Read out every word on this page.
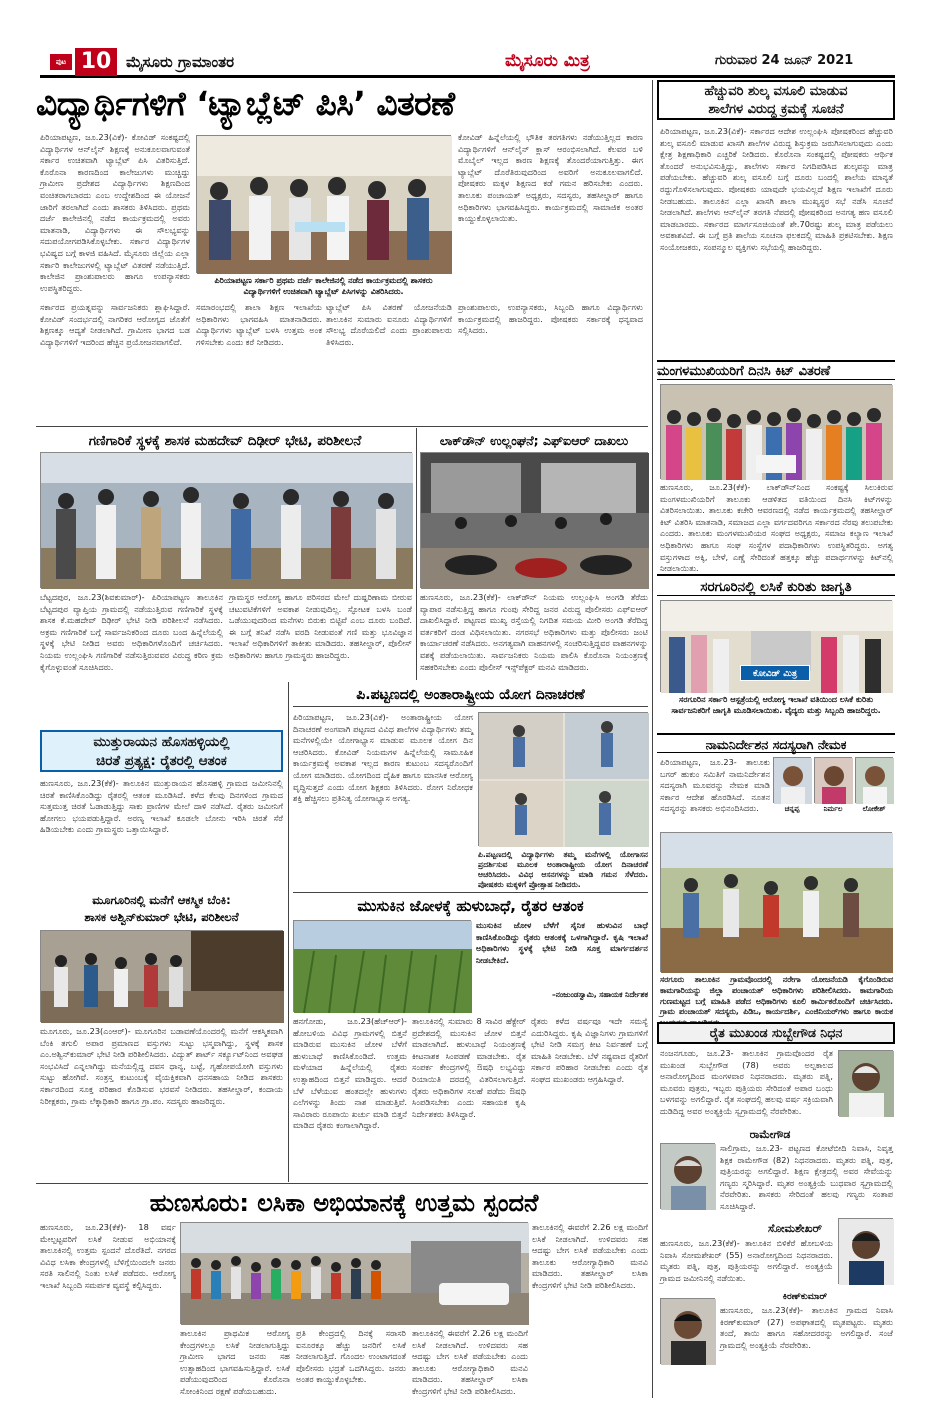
ಪುಟ 10 ಮೈಸೂರು ಗ್ರಾಮಾಂತರ	ಮೈಸೂರು ಮಿತ್ರ	ಗುರುವಾರ 24 ಜೂನ್ 2021
ವಿದ್ಯಾರ್ಥಿಗಳಿಗೆ ‘ಟ್ಯಾಬ್ಲೆಟ್ ಪಿಸಿ’ ವಿತರಣೆ
ಪಿರಿಯಾಪಟ್ಟಣ, ಜೂ.23(ವಿಕೆ)- ಕೋವಿಡ್ ಸಂಕಷ್ಟದಲ್ಲಿ ವಿದ್ಯಾರ್ಥಿಗಳ ಆನ್‌ಲೈನ್ ಶಿಕ್ಷಣಕ್ಕೆ ಅನುಕೂಲವಾಗುವಂತೆ ಸರ್ಕಾರ ಉಚಿತವಾಗಿ ಟ್ಯಾಬ್ಲೆಟ್ ಪಿಸಿ ವಿತರಿಸುತ್ತಿದೆ. ಕೊರೊನಾ ಕಾರಣದಿಂದ ಕಾಲೇಜುಗಳು ಮುಚ್ಚಿದ್ದು ಗ್ರಾಮೀಣ ಪ್ರದೇಶದ ವಿದ್ಯಾರ್ಥಿಗಳು ಶಿಕ್ಷಣದಿಂದ ವಂಚಿತರಾಗಬಾರದು ಎಂಬ ಉದ್ದೇಶದಿಂದ ಈ ಯೋಜನೆ ಜಾರಿಗೆ ತರಲಾಗಿದೆ ಎಂದು ಶಾಸಕರು ತಿಳಿಸಿದರು. ಪ್ರಥಮ ದರ್ಜೆ ಕಾಲೇಜಿನಲ್ಲಿ ನಡೆದ ಕಾರ್ಯಕ್ರಮದಲ್ಲಿ ಅವರು ಮಾತನಾಡಿ, ವಿದ್ಯಾರ್ಥಿಗಳು ಈ ಸೌಲಭ್ಯವನ್ನು ಸದುಪಯೋಗಪಡಿಸಿಕೊಳ್ಳಬೇಕು. ಸರ್ಕಾರ ವಿದ್ಯಾರ್ಥಿಗಳ ಭವಿಷ್ಯದ ಬಗ್ಗೆ ಕಾಳಜಿ ವಹಿಸಿದೆ. ಮೈಸೂರು ಜಿಲ್ಲೆಯ ಎಲ್ಲಾ ಸರ್ಕಾರಿ ಕಾಲೇಜುಗಳಲ್ಲಿ ಟ್ಯಾಬ್ಲೆಟ್ ವಿತರಣೆ ನಡೆಯುತ್ತಿದೆ. ಕಾಲೇಜಿನ ಪ್ರಾಂಶುಪಾಲರು ಹಾಗೂ ಉಪನ್ಯಾಸಕರು ಉಪಸ್ಥಿತರಿದ್ದರು.
ಪಿರಿಯಾಪಟ್ಟಣ ಸರ್ಕಾರಿ ಪ್ರಥಮ ದರ್ಜೆ ಕಾಲೇಜಿನಲ್ಲಿ ನಡೆದ ಕಾರ್ಯಕ್ರಮದಲ್ಲಿ ಶಾಸಕರು ವಿದ್ಯಾರ್ಥಿಗಳಿಗೆ ಉಚಿತವಾಗಿ ಟ್ಯಾಬ್ಲೆಟ್ ಪಿಸಿಗಳನ್ನು ವಿತರಿಸಿದರು.
ಕೋವಿಡ್ ಹಿನ್ನೆಲೆಯಲ್ಲಿ ಭೌತಿಕ ತರಗತಿಗಳು ನಡೆಯುತ್ತಿಲ್ಲದ ಕಾರಣ ವಿದ್ಯಾರ್ಥಿಗಳಿಗೆ ಆನ್‌ಲೈನ್ ಕ್ಲಾಸ್ ಆರಂಭಿಸಲಾಗಿದೆ. ಕೆಲವರ ಬಳಿ ಮೊಬೈಲ್ ಇಲ್ಲದ ಕಾರಣ ಶಿಕ್ಷಣಕ್ಕೆ ತೊಂದರೆಯಾಗುತ್ತಿತ್ತು. ಈಗ ಟ್ಯಾಬ್ಲೆಟ್ ದೊರೆತಿರುವುದರಿಂದ ಅವರಿಗೆ ಅನುಕೂಲವಾಗಲಿದೆ. ಪೋಷಕರು ಮಕ್ಕಳ ಶಿಕ್ಷಣದ ಕಡೆ ಗಮನ ಹರಿಸಬೇಕು ಎಂದರು. ತಾಲೂಕು ಪಂಚಾಯತ್ ಅಧ್ಯಕ್ಷರು, ಸದಸ್ಯರು, ತಹಸೀಲ್ದಾರ್ ಹಾಗೂ ಅಧಿಕಾರಿಗಳು ಭಾಗವಹಿಸಿದ್ದರು. ಕಾರ್ಯಕ್ರಮದಲ್ಲಿ ಸಾಮಾಜಿಕ ಅಂತರ ಕಾಯ್ದುಕೊಳ್ಳಲಾಯಿತು.
ಸರ್ಕಾರದ ಪ್ರಯತ್ನವನ್ನು ಸಾರ್ವಜನಿಕರು ಶ್ಲಾಘಿಸಿದ್ದಾರೆ. ಕೋವಿಡ್ ಸಂದರ್ಭದಲ್ಲಿ ನಾಗರಿಕರ ಆರೋಗ್ಯದ ಜೊತೆಗೆ ಶಿಕ್ಷಣಕ್ಕೂ ಆದ್ಯತೆ ನೀಡಲಾಗಿದೆ. ಗ್ರಾಮೀಣ ಭಾಗದ ಬಡ ವಿದ್ಯಾರ್ಥಿಗಳಿಗೆ ಇದರಿಂದ ಹೆಚ್ಚಿನ ಪ್ರಯೋಜನವಾಗಲಿದೆ.
ಸಮಾರಂಭದಲ್ಲಿ ಶಾಲಾ ಶಿಕ್ಷಣ ಇಲಾಖೆಯ ಅಧಿಕಾರಿಗಳು ಭಾಗವಹಿಸಿ ಮಾತನಾಡಿದರು. ವಿದ್ಯಾರ್ಥಿಗಳು ಟ್ಯಾಬ್ಲೆಟ್ ಬಳಸಿ ಉತ್ತಮ ಅಂಕ ಗಳಿಸಬೇಕು ಎಂದು ಕರೆ ನೀಡಿದರು.
ಟ್ಯಾಬ್ಲೆಟ್ ಪಿಸಿ ವಿತರಣೆ ಯೋಜನೆಯಡಿ ತಾಲೂಕಿನ ಸುಮಾರು ಐನೂರು ವಿದ್ಯಾರ್ಥಿಗಳಿಗೆ ಸೌಲಭ್ಯ ದೊರೆಯಲಿದೆ ಎಂದು ಪ್ರಾಂಶುಪಾಲರು ತಿಳಿಸಿದರು.
ಪ್ರಾಂಶುಪಾಲರು, ಉಪನ್ಯಾಸಕರು, ಸಿಬ್ಬಂದಿ ಹಾಗೂ ವಿದ್ಯಾರ್ಥಿಗಳು ಕಾರ್ಯಕ್ರಮದಲ್ಲಿ ಹಾಜರಿದ್ದರು. ಪೋಷಕರು ಸರ್ಕಾರಕ್ಕೆ ಧನ್ಯವಾದ ಸಲ್ಲಿಸಿದರು.
ಹೆಚ್ಚುವರಿ ಶುಲ್ಕ ವಸೂಲಿ ಮಾಡುವ
ಶಾಲೆಗಳ ವಿರುದ್ಧ ಕ್ರಮಕ್ಕೆ ಸೂಚನೆ
ಪಿರಿಯಾಪಟ್ಟಣ, ಜೂ.23(ವಿಕೆ)- ಸರ್ಕಾರದ ಆದೇಶ ಉಲ್ಲಂಘಿಸಿ ಪೋಷಕರಿಂದ ಹೆಚ್ಚುವರಿ ಶುಲ್ಕ ವಸೂಲಿ ಮಾಡುವ ಖಾಸಗಿ ಶಾಲೆಗಳ ವಿರುದ್ಧ ಶಿಸ್ತುಕ್ರಮ ಜರುಗಿಸಲಾಗುವುದು ಎಂದು ಕ್ಷೇತ್ರ ಶಿಕ್ಷಣಾಧಿಕಾರಿ ಎಚ್ಚರಿಕೆ ನೀಡಿದರು. ಕೊರೊನಾ ಸಂಕಷ್ಟದಲ್ಲಿ ಪೋಷಕರು ಆರ್ಥಿಕ ತೊಂದರೆ ಅನುಭವಿಸುತ್ತಿದ್ದು, ಶಾಲೆಗಳು ಸರ್ಕಾರ ನಿಗದಿಪಡಿಸಿದ ಶುಲ್ಕವನ್ನು ಮಾತ್ರ ಪಡೆಯಬೇಕು. ಹೆಚ್ಚುವರಿ ಶುಲ್ಕ ವಸೂಲಿ ಬಗ್ಗೆ ದೂರು ಬಂದಲ್ಲಿ ಶಾಲೆಯ ಮಾನ್ಯತೆ ರದ್ದುಗೊಳಿಸಲಾಗುವುದು. ಪೋಷಕರು ಯಾವುದೇ ಭಯವಿಲ್ಲದೆ ಶಿಕ್ಷಣ ಇಲಾಖೆಗೆ ದೂರು ನೀಡಬಹುದು. ತಾಲೂಕಿನ ಎಲ್ಲಾ ಖಾಸಗಿ ಶಾಲಾ ಮುಖ್ಯಸ್ಥರ ಸಭೆ ನಡೆಸಿ ಸೂಚನೆ ನೀಡಲಾಗಿದೆ. ಶಾಲೆಗಳು ಆನ್‌ಲೈನ್ ತರಗತಿ ನೆಪದಲ್ಲಿ ಪೋಷಕರಿಂದ ಅನಗತ್ಯ ಹಣ ವಸೂಲಿ ಮಾಡಬಾರದು. ಸರ್ಕಾರದ ಮಾರ್ಗಸೂಚಿಯಂತೆ ಶೇ.70ರಷ್ಟು ಶುಲ್ಕ ಮಾತ್ರ ಪಡೆಯಲು ಅವಕಾಶವಿದೆ. ಈ ಬಗ್ಗೆ ಪ್ರತಿ ಶಾಲೆಯ ಸೂಚನಾ ಫಲಕದಲ್ಲಿ ಮಾಹಿತಿ ಪ್ರಕಟಿಸಬೇಕು. ಶಿಕ್ಷಣ ಸಂಯೋಜಕರು, ಸಂಪನ್ಮೂಲ ವ್ಯಕ್ತಿಗಳು ಸಭೆಯಲ್ಲಿ ಹಾಜರಿದ್ದರು.
ಮಂಗಳಮುಖಿಯರಿಗೆ ದಿನಸಿ ಕಿಟ್ ವಿತರಣೆ
ಹುಣಸೂರು, ಜೂ.23(ಕೆಕೆ)- ಲಾಕ್‌ಡೌನ್‌ನಿಂದ ಸಂಕಷ್ಟಕ್ಕೆ ಸಿಲುಕಿರುವ ಮಂಗಳಮುಖಿಯರಿಗೆ ತಾಲೂಕು ಆಡಳಿತದ ವತಿಯಿಂದ ದಿನಸಿ ಕಿಟ್‌ಗಳನ್ನು ವಿತರಿಸಲಾಯಿತು. ತಾಲೂಕು ಕಚೇರಿ ಆವರಣದಲ್ಲಿ ನಡೆದ ಕಾರ್ಯಕ್ರಮದಲ್ಲಿ ತಹಸೀಲ್ದಾರ್ ಕಿಟ್ ವಿತರಿಸಿ ಮಾತನಾಡಿ, ಸಮಾಜದ ಎಲ್ಲಾ ವರ್ಗದವರಿಗೂ ಸರ್ಕಾರದ ನೆರವು ತಲುಪಬೇಕು ಎಂದರು. ತಾಲೂಕು ಮಂಗಳಮುಖಿಯರ ಸಂಘದ ಅಧ್ಯಕ್ಷರು, ಸಮಾಜ ಕಲ್ಯಾಣ ಇಲಾಖೆ ಅಧಿಕಾರಿಗಳು ಹಾಗೂ ಸಂಘ ಸಂಸ್ಥೆಗಳ ಪದಾಧಿಕಾರಿಗಳು ಉಪಸ್ಥಿತರಿದ್ದರು. ಅಗತ್ಯ ವಸ್ತುಗಳಾದ ಅಕ್ಕಿ, ಬೇಳೆ, ಎಣ್ಣೆ ಸೇರಿದಂತೆ ಹತ್ತಕ್ಕೂ ಹೆಚ್ಚು ಪದಾರ್ಥಗಳನ್ನು ಕಿಟ್‌ನಲ್ಲಿ ನೀಡಲಾಯಿತು.
ಸರಗೂರಿನಲ್ಲಿ ಲಸಿಕೆ ಕುರಿತು ಜಾಗೃತಿ
ಕೋವಿಡ್ ಮಿತ್ರ
ಸರಗೂರಿನ ಸರ್ಕಾರಿ ಆಸ್ಪತ್ರೆಯಲ್ಲಿ ಆರೋಗ್ಯ ಇಲಾಖೆ ವತಿಯಿಂದ ಲಸಿಕೆ ಕುರಿತು ಸಾರ್ವಜನಿಕರಿಗೆ ಜಾಗೃತಿ ಮೂಡಿಸಲಾಯಿತು. ವೈದ್ಯರು ಮತ್ತು ಸಿಬ್ಬಂದಿ ಹಾಜರಿದ್ದರು.
ನಾಮನಿರ್ದೇಶನ ಸದಸ್ಯರಾಗಿ ನೇಮಕ
ಪಿರಿಯಾಪಟ್ಟಣ, ಜೂ.23- ತಾಲೂಕು ಬಗರ್ ಹುಕುಂ ಸಮಿತಿಗೆ ನಾಮನಿರ್ದೇಶನ ಸದಸ್ಯರಾಗಿ ಮೂವರನ್ನು ನೇಮಕ ಮಾಡಿ ಸರ್ಕಾರ ಆದೇಶ ಹೊರಡಿಸಿದೆ. ನೂತನ ಸದಸ್ಯರನ್ನು ಶಾಸಕರು ಅಭಿನಂದಿಸಿದರು.	ಚನ್ನಪ್ಪ	ನಿರ್ಮಲ	ಲೋಕೇಶ್
ಸರಗೂರು ತಾಲೂಕಿನ ಗ್ರಾಮವೊಂದರಲ್ಲಿ ನರೇಗಾ ಯೋಜನೆಯಡಿ ಕೈಗೊಂಡಿರುವ ಕಾಮಗಾರಿಯನ್ನು ಜಿಲ್ಲಾ ಪಂಚಾಯತ್ ಅಧಿಕಾರಿಗಳು ಪರಿಶೀಲಿಸಿದರು. ಕಾಮಗಾರಿಯ ಗುಣಮಟ್ಟದ ಬಗ್ಗೆ ಮಾಹಿತಿ ಪಡೆದ ಅಧಿಕಾರಿಗಳು ಕೂಲಿ ಕಾರ್ಮಿಕರೊಂದಿಗೆ ಚರ್ಚಿಸಿದರು. ಗ್ರಾಮ ಪಂಚಾಯತ್ ಸದಸ್ಯರು, ಪಿಡಿಒ, ಕಾರ್ಯದರ್ಶಿ, ಎಂಜಿನಿಯರ್‌ಗಳು ಹಾಗೂ ಕಾಯಕ
ರೈತ ಮುಖಂಡ ಸುಬ್ಬೇಗೌಡ ನಿಧನ
ನಂಜನಗೂಡು, ಜೂ.23- ತಾಲೂಕಿನ ಗ್ರಾಮವೊಂದರ ರೈತ ಮುಖಂಡ ಸುಬ್ಬೇಗೌಡ (78) ಅವರು ಅಲ್ಪಕಾಲದ ಅನಾರೋಗ್ಯದಿಂದ ಮಂಗಳವಾರ ನಿಧನರಾದರು. ಮೃತರು ಪತ್ನಿ, ಮೂವರು ಪುತ್ರರು, ಇಬ್ಬರು ಪುತ್ರಿಯರು ಸೇರಿದಂತೆ ಅಪಾರ ಬಂಧು ಬಳಗವನ್ನು ಅಗಲಿದ್ದಾರೆ. ರೈತ ಸಂಘದಲ್ಲಿ ಹಲವು ವರ್ಷ ಸಕ್ರಿಯವಾಗಿ ದುಡಿದಿದ್ದ ಅವರ ಅಂತ್ಯಕ್ರಿಯೆ ಸ್ವಗ್ರಾಮದಲ್ಲಿ ನೆರವೇರಿತು.
ರಾಮೇಗೌಡ
ಸಾಲಿಗ್ರಾಮ, ಜೂ.23- ಪಟ್ಟಣದ ಕೋಟೆಬೀದಿ ನಿವಾಸಿ, ನಿವೃತ್ತ ಶಿಕ್ಷಕ ರಾಮೇಗೌಡ (82) ನಿಧನರಾದರು. ಮೃತರು ಪತ್ನಿ, ಪುತ್ರ, ಪುತ್ರಿಯರನ್ನು ಅಗಲಿದ್ದಾರೆ. ಶಿಕ್ಷಣ ಕ್ಷೇತ್ರದಲ್ಲಿ ಅವರ ಸೇವೆಯನ್ನು ಗಣ್ಯರು ಸ್ಮರಿಸಿದ್ದಾರೆ. ಮೃತರ ಅಂತ್ಯಕ್ರಿಯೆ ಬುಧವಾರ ಸ್ವಗ್ರಾಮದಲ್ಲಿ ನೆರವೇರಿತು. ಶಾಸಕರು ಸೇರಿದಂತೆ ಹಲವು ಗಣ್ಯರು ಸಂತಾಪ ಸೂಚಿಸಿದ್ದಾರೆ.
ಸೋಮಶೇಖರ್
ಹುಣಸೂರು, ಜೂ.23(ಕೆಕೆ)- ತಾಲೂಕಿನ ಬಿಳಿಕೆರೆ ಹೋಬಳಿಯ ನಿವಾಸಿ ಸೋಮಶೇಖರ್ (55) ಅನಾರೋಗ್ಯದಿಂದ ನಿಧನರಾದರು. ಮೃತರು ಪತ್ನಿ, ಪುತ್ರ, ಪುತ್ರಿಯರನ್ನು ಅಗಲಿದ್ದಾರೆ. ಅಂತ್ಯಕ್ರಿಯೆ ಗ್ರಾಮದ ಜಮೀನಿನಲ್ಲಿ ನಡೆಯಿತು.
ಕಿರಣ್‌ಕುಮಾರ್
ಹುಣಸೂರು, ಜೂ.23(ಕೆಕೆ)- ತಾಲೂಕಿನ ಗ್ರಾಮದ ನಿವಾಸಿ ಕಿರಣ್‌ಕುಮಾರ್ (27) ಅಪಘಾತದಲ್ಲಿ ಮೃತಪಟ್ಟರು. ಮೃತರು ತಂದೆ, ತಾಯಿ ಹಾಗೂ ಸಹೋದರರನ್ನು ಅಗಲಿದ್ದಾರೆ. ಸಂಜೆ ಗ್ರಾಮದಲ್ಲಿ ಅಂತ್ಯಕ್ರಿಯೆ ನೆರವೇರಿತು.
ಗಣಿಗಾರಿಕೆ ಸ್ಥಳಕ್ಕೆ ಶಾಸಕ ಮಹದೇವ್ ದಿಢೀರ್ ಭೇಟಿ, ಪರಿಶೀಲನೆ
ಬೆಟ್ಟದಪುರ, ಜೂ.23(ಶಿವಕುಮಾರ್)- ಪಿರಿಯಾಪಟ್ಟಣ ತಾಲೂಕಿನ ಬೆಟ್ಟದಪುರ ವ್ಯಾಪ್ತಿಯ ಗ್ರಾಮದಲ್ಲಿ ನಡೆಯುತ್ತಿರುವ ಗಣಿಗಾರಿಕೆ ಸ್ಥಳಕ್ಕೆ ಶಾಸಕ ಕೆ.ಮಹದೇವ್ ದಿಢೀರ್ ಭೇಟಿ ನೀಡಿ ಪರಿಶೀಲನೆ ನಡೆಸಿದರು. ಅಕ್ರಮ ಗಣಿಗಾರಿಕೆ ಬಗ್ಗೆ ಸಾರ್ವಜನಿಕರಿಂದ ದೂರು ಬಂದ ಹಿನ್ನೆಲೆಯಲ್ಲಿ ಸ್ಥಳಕ್ಕೆ ಭೇಟಿ ನೀಡಿದ ಅವರು ಅಧಿಕಾರಿಗಳೊಂದಿಗೆ ಚರ್ಚಿಸಿದರು. ನಿಯಮ ಉಲ್ಲಂಘಿಸಿ ಗಣಿಗಾರಿಕೆ ನಡೆಸುತ್ತಿರುವವರ ವಿರುದ್ಧ ಕಠಿಣ ಕ್ರಮ ಕೈಗೊಳ್ಳುವಂತೆ ಸೂಚಿಸಿದರು.
ಗ್ರಾಮಸ್ಥರ ಆರೋಗ್ಯ ಹಾಗೂ ಪರಿಸರದ ಮೇಲೆ ದುಷ್ಪರಿಣಾಮ ಬೀರುವ ಚಟುವಟಿಕೆಗಳಿಗೆ ಅವಕಾಶ ನೀಡುವುದಿಲ್ಲ. ಸ್ಫೋಟಕ ಬಳಸಿ ಬಂಡೆ ಒಡೆಯುವುದರಿಂದ ಮನೆಗಳು ಬಿರುಕು ಬಿಟ್ಟಿವೆ ಎಂಬ ದೂರು ಬಂದಿದೆ. ಈ ಬಗ್ಗೆ ತನಿಖೆ ನಡೆಸಿ ವರದಿ ನೀಡುವಂತೆ ಗಣಿ ಮತ್ತು ಭೂವಿಜ್ಞಾನ ಇಲಾಖೆ ಅಧಿಕಾರಿಗಳಿಗೆ ತಾಕೀತು ಮಾಡಿದರು. ತಹಸೀಲ್ದಾರ್, ಪೊಲೀಸ್ ಅಧಿಕಾರಿಗಳು ಹಾಗೂ ಗ್ರಾಮಸ್ಥರು ಹಾಜರಿದ್ದರು.
ಲಾಕ್‌ಡೌನ್ ಉಲ್ಲಂಘನೆ; ಎಫ್‌ಐಆರ್ ದಾಖಲು
ಹುಣಸೂರು, ಜೂ.23(ಕೆಕೆ)- ಲಾಕ್‌ಡೌನ್ ನಿಯಮ ಉಲ್ಲಂಘಿಸಿ ಅಂಗಡಿ ತೆರೆದು ವ್ಯಾಪಾರ ನಡೆಸುತ್ತಿದ್ದ ಹಾಗೂ ಗುಂಪು ಸೇರಿದ್ದ ಜನರ ವಿರುದ್ಧ ಪೊಲೀಸರು ಎಫ್‌ಐಆರ್ ದಾಖಲಿಸಿದ್ದಾರೆ. ಪಟ್ಟಣದ ಮುಖ್ಯ ರಸ್ತೆಯಲ್ಲಿ ನಿಗದಿತ ಸಮಯ ಮೀರಿ ಅಂಗಡಿ ತೆರೆದಿದ್ದ ವರ್ತಕರಿಗೆ ದಂಡ ವಿಧಿಸಲಾಯಿತು. ನಗರಸಭೆ ಅಧಿಕಾರಿಗಳು ಮತ್ತು ಪೊಲೀಸರು ಜಂಟಿ ಕಾರ್ಯಾಚರಣೆ ನಡೆಸಿದರು. ಅನಗತ್ಯವಾಗಿ ವಾಹನಗಳಲ್ಲಿ ಸಂಚರಿಸುತ್ತಿದ್ದವರ ವಾಹನಗಳನ್ನು ವಶಕ್ಕೆ ಪಡೆಯಲಾಯಿತು. ಸಾರ್ವಜನಿಕರು ನಿಯಮ ಪಾಲಿಸಿ ಕೊರೊನಾ ನಿಯಂತ್ರಣಕ್ಕೆ ಸಹಕರಿಸಬೇಕು ಎಂದು ಪೊಲೀಸ್ ಇನ್ಸ್‌ಪೆಕ್ಟರ್ ಮನವಿ ಮಾಡಿದರು.
ಮುತ್ತುರಾಯನ ಹೊಸಹಳ್ಳಿಯಲ್ಲಿ
ಚಿರತೆ ಪ್ರತ್ಯಕ್ಷ: ರೈತರಲ್ಲಿ ಆತಂಕ
ಹುಣಸೂರು, ಜೂ.23(ಕೆಕೆ)- ತಾಲೂಕಿನ ಮುತ್ತುರಾಯನ ಹೊಸಹಳ್ಳಿ ಗ್ರಾಮದ ಜಮೀನಿನಲ್ಲಿ ಚಿರತೆ ಕಾಣಿಸಿಕೊಂಡಿದ್ದು ರೈತರಲ್ಲಿ ಆತಂಕ ಮೂಡಿಸಿದೆ. ಕಳೆದ ಕೆಲವು ದಿನಗಳಿಂದ ಗ್ರಾಮದ ಸುತ್ತಮುತ್ತ ಚಿರತೆ ಓಡಾಡುತ್ತಿದ್ದು ಸಾಕು ಪ್ರಾಣಿಗಳ ಮೇಲೆ ದಾಳಿ ನಡೆಸಿದೆ. ರೈತರು ಜಮೀನಿಗೆ ಹೋಗಲು ಭಯಪಡುತ್ತಿದ್ದಾರೆ. ಅರಣ್ಯ ಇಲಾಖೆ ಕೂಡಲೇ ಬೋನು ಇರಿಸಿ ಚಿರತೆ ಸೆರೆ ಹಿಡಿಯಬೇಕು ಎಂದು ಗ್ರಾಮಸ್ಥರು ಒತ್ತಾಯಿಸಿದ್ದಾರೆ.
ಮೂಗೂರಿನಲ್ಲಿ ಮನೆಗೆ ಆಕಸ್ಮಿಕ ಬೆಂಕಿ:
ಶಾಸಕ ಅಶ್ವಿನ್‌ಕುಮಾರ್ ಭೇಟಿ, ಪರಿಶೀಲನೆ
ಮೂಗೂರು, ಜೂ.23(ಎಂಆರ್)- ಮೂಗೂರಿನ ಬಡಾವಣೆಯೊಂದರಲ್ಲಿ ಮನೆಗೆ ಆಕಸ್ಮಿಕವಾಗಿ ಬೆಂಕಿ ತಗುಲಿ ಅಪಾರ ಪ್ರಮಾಣದ ವಸ್ತುಗಳು ಸುಟ್ಟು ಭಸ್ಮವಾಗಿದ್ದು, ಸ್ಥಳಕ್ಕೆ ಶಾಸಕ ಎಂ.ಅಶ್ವಿನ್‌ಕುಮಾರ್ ಭೇಟಿ ನೀಡಿ ಪರಿಶೀಲಿಸಿದರು. ವಿದ್ಯುತ್ ಶಾರ್ಟ್ ಸರ್ಕ್ಯೂಟ್‌ನಿಂದ ಅವಘಡ ಸಂಭವಿಸಿದೆ ಎನ್ನಲಾಗಿದ್ದು ಮನೆಯಲ್ಲಿದ್ದ ದವಸ ಧಾನ್ಯ, ಬಟ್ಟೆ, ಗೃಹೋಪಯೋಗಿ ವಸ್ತುಗಳು ಸುಟ್ಟು ಹೋಗಿವೆ. ಸಂತ್ರಸ್ತ ಕುಟುಂಬಕ್ಕೆ ವೈಯಕ್ತಿಕವಾಗಿ ಧನಸಹಾಯ ನೀಡಿದ ಶಾಸಕರು ಸರ್ಕಾರದಿಂದ ಸೂಕ್ತ ಪರಿಹಾರ ಕೊಡಿಸುವ ಭರವಸೆ ನೀಡಿದರು. ತಹಸೀಲ್ದಾರ್, ಕಂದಾಯ ನಿರೀಕ್ಷಕರು, ಗ್ರಾಮ ಲೆಕ್ಕಾಧಿಕಾರಿ ಹಾಗೂ ಗ್ರಾ.ಪಂ. ಸದಸ್ಯರು ಹಾಜರಿದ್ದರು.
ಪಿ.ಪಟ್ಟಣದಲ್ಲಿ ಅಂತಾರಾಷ್ಟ್ರೀಯ ಯೋಗ ದಿನಾಚರಣೆ
ಪಿರಿಯಾಪಟ್ಟಣ, ಜೂ.23(ವಿಕೆ)- ಅಂತಾರಾಷ್ಟ್ರೀಯ ಯೋಗ ದಿನಾಚರಣೆ ಅಂಗವಾಗಿ ಪಟ್ಟಣದ ವಿವಿಧ ಶಾಲೆಗಳ ವಿದ್ಯಾರ್ಥಿಗಳು ತಮ್ಮ ಮನೆಗಳಲ್ಲಿಯೇ ಯೋಗಾಭ್ಯಾಸ ಮಾಡುವ ಮೂಲಕ ಯೋಗ ದಿನ ಆಚರಿಸಿದರು. ಕೋವಿಡ್ ನಿಯಮಗಳ ಹಿನ್ನೆಲೆಯಲ್ಲಿ ಸಾಮೂಹಿಕ ಕಾರ್ಯಕ್ರಮಕ್ಕೆ ಅವಕಾಶ ಇಲ್ಲದ ಕಾರಣ ಕುಟುಂಬ ಸದಸ್ಯರೊಂದಿಗೆ ಯೋಗ ಮಾಡಿದರು. ಯೋಗದಿಂದ ದೈಹಿಕ ಹಾಗೂ ಮಾನಸಿಕ ಆರೋಗ್ಯ ವೃದ್ಧಿಸುತ್ತದೆ ಎಂದು ಯೋಗ ಶಿಕ್ಷಕರು ತಿಳಿಸಿದರು. ರೋಗ ನಿರೋಧಕ ಶಕ್ತಿ ಹೆಚ್ಚಿಸಲು ಪ್ರತಿನಿತ್ಯ ಯೋಗಾಭ್ಯಾಸ ಅಗತ್ಯ.
ಪಿ.ಪಟ್ಟಣದಲ್ಲಿ ವಿದ್ಯಾರ್ಥಿಗಳು ತಮ್ಮ ಮನೆಗಳಲ್ಲಿ ಯೋಗಾಸನ ಪ್ರದರ್ಶಿಸುವ ಮೂಲಕ ಅಂತಾರಾಷ್ಟ್ರೀಯ ಯೋಗ ದಿನಾಚರಣೆ ಆಚರಿಸಿದರು. ವಿವಿಧ ಆಸನಗಳನ್ನು ಮಾಡಿ ಗಮನ ಸೆಳೆದರು. ಪೋಷಕರು ಮಕ್ಕಳಿಗೆ ಪ್ರೋತ್ಸಾಹ ನೀಡಿದರು.
ಮುಸುಕಿನ ಜೋಳಕ್ಕೆ ಹುಳುಬಾಧೆ, ರೈತರ ಆತಂಕ
ಮುಸುಕಿನ ಜೋಳ ಬೆಳೆಗೆ ಸೈನಿಕ ಹುಳುವಿನ ಬಾಧೆ ಕಾಣಿಸಿಕೊಂಡಿದ್ದು ರೈತರು ಆತಂಕಕ್ಕೆ ಒಳಗಾಗಿದ್ದಾರೆ. ಕೃಷಿ ಇಲಾಖೆ ಅಧಿಕಾರಿಗಳು ಸ್ಥಳಕ್ಕೆ ಭೇಟಿ ನೀಡಿ ಸೂಕ್ತ ಮಾರ್ಗದರ್ಶನ ನೀಡಬೇಕಿದೆ.
–ನಂಜುಂಡಸ್ವಾಮಿ, ಸಹಾಯಕ ನಿರ್ದೇಶಕ
ಹನಗೋಡು, ಜೂ.23(ಹೆಚ್‌ಆರ್)- ಹೋಬಳಿಯ ವಿವಿಧ ಗ್ರಾಮಗಳಲ್ಲಿ ಬಿತ್ತನೆ ಮಾಡಿರುವ ಮುಸುಕಿನ ಜೋಳ ಬೆಳೆಗೆ ಹುಳುಬಾಧೆ ಕಾಣಿಸಿಕೊಂಡಿದೆ. ಉತ್ತಮ ಮಳೆಯಾದ ಹಿನ್ನೆಲೆಯಲ್ಲಿ ರೈತರು ಉತ್ಸಾಹದಿಂದ ಬಿತ್ತನೆ ಮಾಡಿದ್ದರು. ಆದರೆ ಬೆಳೆ ಬೆಳೆಯುವ ಹಂತದಲ್ಲೇ ಹುಳುಗಳು ಎಲೆಗಳನ್ನು ತಿಂದು ನಾಶ ಮಾಡುತ್ತಿವೆ. ಸಾವಿರಾರು ರೂಪಾಯಿ ಖರ್ಚು ಮಾಡಿ ಬಿತ್ತನೆ ಮಾಡಿದ ರೈತರು ಕಂಗಾಲಾಗಿದ್ದಾರೆ.
ತಾಲೂಕಿನಲ್ಲಿ ಸುಮಾರು 8 ಸಾವಿರ ಹೆಕ್ಟೇರ್ ಪ್ರದೇಶದಲ್ಲಿ ಮುಸುಕಿನ ಜೋಳ ಬಿತ್ತನೆ ಮಾಡಲಾಗಿದೆ. ಹುಳುಬಾಧೆ ನಿಯಂತ್ರಣಕ್ಕೆ ಕೀಟನಾಶಕ ಸಿಂಪಡಣೆ ಮಾಡಬೇಕು. ರೈತ ಸಂಪರ್ಕ ಕೇಂದ್ರಗಳಲ್ಲಿ ಔಷಧಿ ಲಭ್ಯವಿದ್ದು ರಿಯಾಯಿತಿ ದರದಲ್ಲಿ ವಿತರಿಸಲಾಗುತ್ತಿದೆ. ರೈತರು ಅಧಿಕಾರಿಗಳ ಸಲಹೆ ಪಡೆದು ಔಷಧಿ ಸಿಂಪಡಿಸಬೇಕು ಎಂದು ಸಹಾಯಕ ಕೃಷಿ ನಿರ್ದೇಶಕರು ತಿಳಿಸಿದ್ದಾರೆ.
ರೈತರು ಕಳೆದ ವರ್ಷವೂ ಇದೇ ಸಮಸ್ಯೆ ಎದುರಿಸಿದ್ದರು. ಕೃಷಿ ವಿಜ್ಞಾನಿಗಳು ಗ್ರಾಮಗಳಿಗೆ ಭೇಟಿ ನೀಡಿ ಸಮಗ್ರ ಕೀಟ ನಿರ್ವಹಣೆ ಬಗ್ಗೆ ಮಾಹಿತಿ ನೀಡಬೇಕು. ಬೆಳೆ ನಷ್ಟವಾದ ರೈತರಿಗೆ ಸರ್ಕಾರ ಪರಿಹಾರ ನೀಡಬೇಕು ಎಂದು ರೈತ ಸಂಘದ ಮುಖಂಡರು ಆಗ್ರಹಿಸಿದ್ದಾರೆ.
ಹುಣಸೂರು: ಲಸಿಕಾ ಅಭಿಯಾನಕ್ಕೆ ಉತ್ತಮ ಸ್ಪಂದನೆ
ಹುಣಸೂರು, ಜೂ.23(ಕೆಕೆ)- 18 ವರ್ಷ ಮೇಲ್ಪಟ್ಟವರಿಗೆ ಲಸಿಕೆ ನೀಡುವ ಅಭಿಯಾನಕ್ಕೆ ತಾಲೂಕಿನಲ್ಲಿ ಉತ್ತಮ ಸ್ಪಂದನೆ ದೊರೆತಿದೆ. ನಗರದ ವಿವಿಧ ಲಸಿಕಾ ಕೇಂದ್ರಗಳಲ್ಲಿ ಬೆಳಿಗ್ಗೆಯಿಂದಲೇ ಜನರು ಸರತಿ ಸಾಲಿನಲ್ಲಿ ನಿಂತು ಲಸಿಕೆ ಪಡೆದರು. ಆರೋಗ್ಯ ಇಲಾಖೆ ಸಿಬ್ಬಂದಿ ಸಮರ್ಪಕ ವ್ಯವಸ್ಥೆ ಕಲ್ಪಿಸಿದ್ದರು.
ತಾಲೂಕಿನ ಪ್ರಾಥಮಿಕ ಆರೋಗ್ಯ ಕೇಂದ್ರಗಳಲ್ಲೂ ಲಸಿಕೆ ನೀಡಲಾಗುತ್ತಿದ್ದು ಗ್ರಾಮೀಣ ಭಾಗದ ಜನರು ಸಹ ಉತ್ಸಾಹದಿಂದ ಭಾಗವಹಿಸುತ್ತಿದ್ದಾರೆ. ಲಸಿಕೆ ಪಡೆಯುವುದರಿಂದ ಕೊರೊನಾ ಸೋಂಕಿನಿಂದ ರಕ್ಷಣೆ ಪಡೆಯಬಹುದು.
ಪ್ರತಿ ಕೇಂದ್ರದಲ್ಲಿ ದಿನಕ್ಕೆ ಸರಾಸರಿ ಐನೂರಕ್ಕೂ ಹೆಚ್ಚು ಜನರಿಗೆ ಲಸಿಕೆ ನೀಡಲಾಗುತ್ತಿದೆ. ಗೊಂದಲ ಉಂಟಾಗದಂತೆ ಪೊಲೀಸರು ಭದ್ರತೆ ಒದಗಿಸಿದ್ದರು. ಜನರು ಅಂತರ ಕಾಯ್ದುಕೊಳ್ಳಬೇಕು.
ತಾಲೂಕಿನಲ್ಲಿ ಈವರೆಗೆ 2.26 ಲಕ್ಷ ಮಂದಿಗೆ ಲಸಿಕೆ ನೀಡಲಾಗಿದೆ. ಉಳಿದವರು ಸಹ ಆದಷ್ಟು ಬೇಗ ಲಸಿಕೆ ಪಡೆಯಬೇಕು ಎಂದು ತಾಲೂಕು ಆರೋಗ್ಯಾಧಿಕಾರಿ ಮನವಿ ಮಾಡಿದರು. ತಹಸೀಲ್ದಾರ್ ಲಸಿಕಾ ಕೇಂದ್ರಗಳಿಗೆ ಭೇಟಿ ನೀಡಿ ಪರಿಶೀಲಿಸಿದರು.
ತಾಲೂಕಿನಲ್ಲಿ ಈವರೆಗೆ 2.26 ಲಕ್ಷ ಮಂದಿಗೆ ಲಸಿಕೆ ನೀಡಲಾಗಿದೆ. ಉಳಿದವರು ಸಹ ಆದಷ್ಟು ಬೇಗ ಲಸಿಕೆ ಪಡೆಯಬೇಕು ಎಂದು ತಾಲೂಕು ಆರೋಗ್ಯಾಧಿಕಾರಿ ಮನವಿ ಮಾಡಿದರು. ತಹಸೀಲ್ದಾರ್ ಲಸಿಕಾ ಕೇಂದ್ರಗಳಿಗೆ ಭೇಟಿ ನೀಡಿ ಪರಿಶೀಲಿಸಿದರು.
